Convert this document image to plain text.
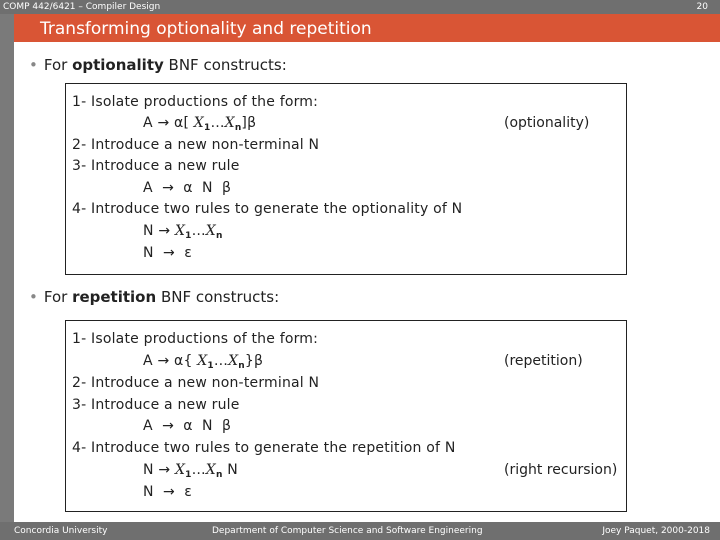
COMP 442/6421 – Compiler Design	20
Transforming optionality and repetition
• For optionality BNF constructs:
1- Isolate productions of the form:
A → α[ $X_1\dots X_n]\beta$	(optionality)
2- Introduce a new non-terminal N
3- Introduce a new rule
A  →  α  N  β
4- Introduce two rules to generate the optionality of N
$N \to X_1\dots X_n$
N  →  ε
• For repetition BNF constructs:
1- Isolate productions of the form:
A → α{ $X_1\dots X_n\}\beta$	(repetition)
2- Introduce a new non-terminal N
3- Introduce a new rule
A  →  α  N  β
4- Introduce two rules to generate the repetition of N
$N \to X_1\dots X_n$ N	(right recursion)
N  →  ε
Concordia University	Department of Computer Science and Software Engineering	Joey Paquet, 2000-2018
